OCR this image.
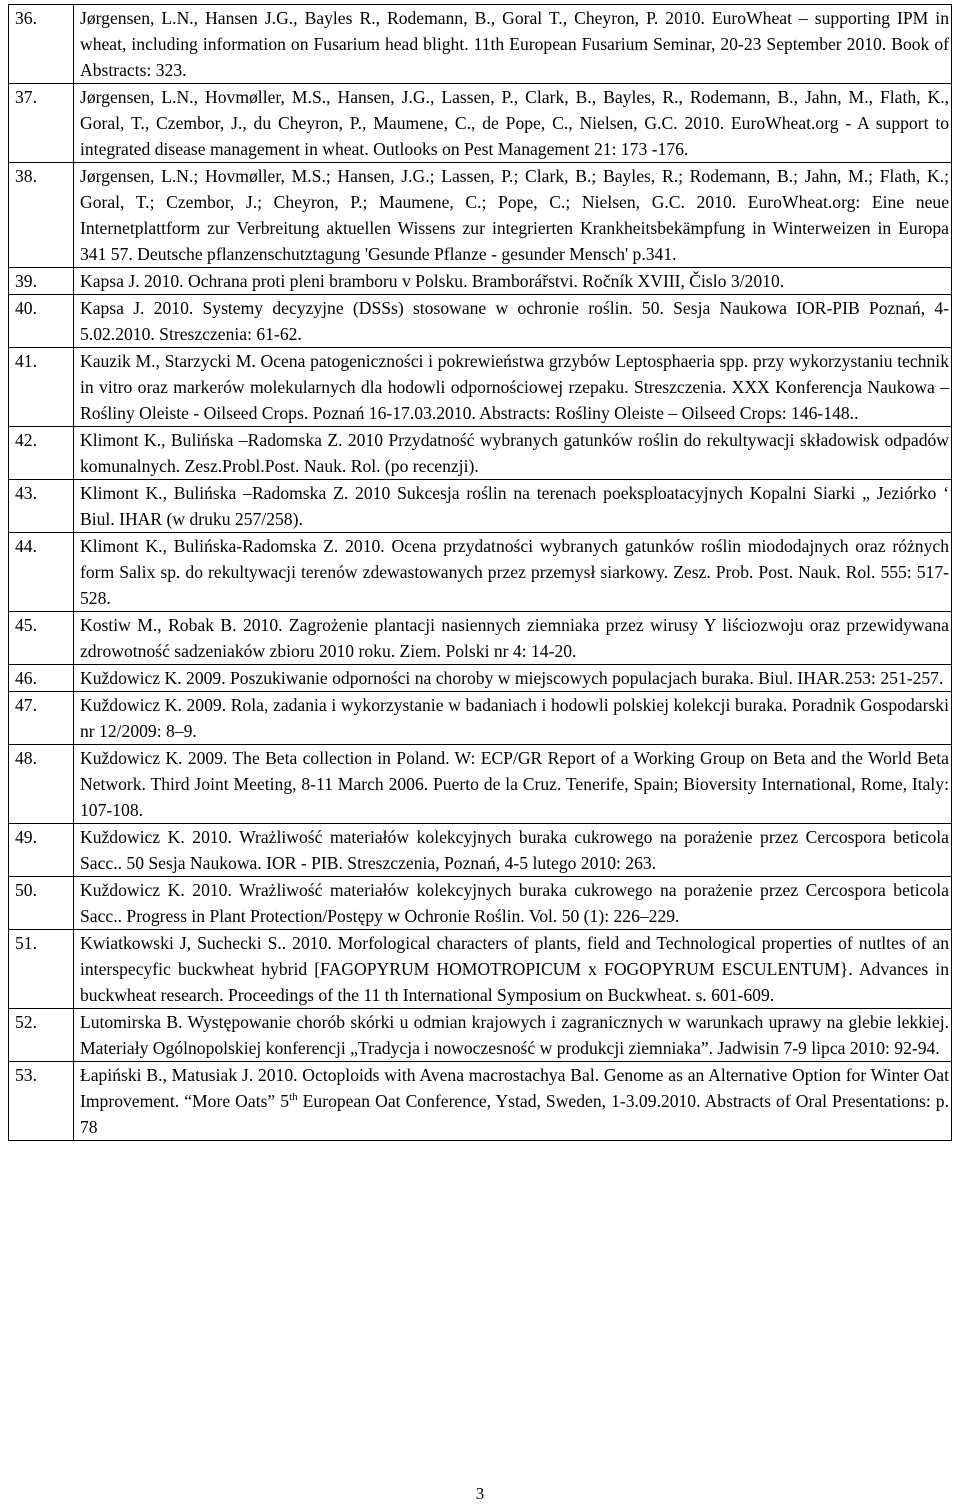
36.	Jørgensen, L.N., Hansen J.G., Bayles R., Rodemann, B., Goral T., Cheyron, P. 2010. EuroWheat – supporting IPM in wheat, including information on Fusarium head blight. 11th European Fusarium Seminar, 20-23 September 2010. Book of Abstracts: 323.
37.	Jørgensen, L.N., Hovmøller, M.S., Hansen, J.G., Lassen, P., Clark, B., Bayles, R., Rodemann, B., Jahn, M., Flath, K., Goral, T., Czembor, J., du Cheyron, P., Maumene, C., de Pope, C., Nielsen, G.C. 2010. EuroWheat.org - A support to integrated disease management in wheat. Outlooks on Pest Management 21: 173 -176.
38.	Jørgensen, L.N.; Hovmøller, M.S.; Hansen, J.G.; Lassen, P.; Clark, B.; Bayles, R.; Rodemann, B.; Jahn, M.; Flath, K.; Goral, T.; Czembor, J.; Cheyron, P.; Maumene, C.; Pope, C.; Nielsen, G.C. 2010. EuroWheat.org: Eine neue Internetplattform zur Verbreitung aktuellen Wissens zur integrierten Krankheitsbekämpfung in Winterweizen in Europa 341 57. Deutsche pflanzenschutztagung 'Gesunde Pflanze - gesunder Mensch' p.341.
39.	Kapsa J. 2010. Ochrana proti pleni bramboru v Polsku. Bramborářstvi. Ročník XVIII, Čislo 3/2010.
40.	Kapsa J. 2010. Systemy decyzyjne (DSSs) stosowane w ochronie roślin. 50. Sesja Naukowa IOR-PIB Poznań, 4-5.02.2010. Streszczenia: 61-62.
41.	Kauzik M., Starzycki M. Ocena patogeniczności i pokrewieństwa grzybów Leptosphaeria spp. przy wykorzystaniu technik in vitro oraz markerów molekularnych dla hodowli odpornościowej rzepaku. Streszczenia. XXX Konferencja Naukowa – Rośliny Oleiste - Oilseed Crops. Poznań 16-17.03.2010. Abstracts: Rośliny Oleiste – Oilseed Crops: 146-148..
42.	Klimont K., Bulińska –Radomska Z. 2010 Przydatność wybranych gatunków roślin do rekultywacji składowisk odpadów komunalnych. Zesz.Probl.Post. Nauk. Rol. (po recenzji).
43.	Klimont K., Bulińska –Radomska Z. 2010 Sukcesja roślin na terenach poeksploatacyjnych Kopalni Siarki „ Jeziórko ‘ Biul. IHAR (w druku 257/258).
44.	Klimont K., Bulińska-Radomska Z. 2010. Ocena przydatności wybranych gatunków roślin miododajnych oraz różnych form Salix sp. do rekultywacji terenów zdewastowanych przez przemysł siarkowy. Zesz. Prob. Post. Nauk. Rol. 555: 517-528.
45.	Kostiw M., Robak B. 2010. Zagrożenie plantacji nasiennych ziemniaka przez wirusy Y liściozwoju oraz przewidywana zdrowotność sadzeniaków zbioru 2010 roku. Ziem. Polski nr 4: 14-20.
46.	Kuždowicz K. 2009. Poszukiwanie odporności na choroby w miejscowych populacjach buraka. Biul. IHAR.253: 251-257.
47.	Kuždowicz K. 2009. Rola, zadania i wykorzystanie w badaniach i hodowli polskiej kolekcji buraka. Poradnik Gospodarski nr 12/2009: 8–9.
48.	Kuždowicz K. 2009. The Beta collection in Poland. W: ECP/GR Report of a Working Group on Beta and the World Beta Network. Third Joint Meeting, 8-11 March 2006. Puerto de la Cruz. Tenerife, Spain; Bioversity International, Rome, Italy: 107-108.
49.	Kuždowicz K. 2010. Wrażliwość materiałów kolekcyjnych buraka cukrowego na porażenie przez Cercospora beticola Sacc.. 50 Sesja Naukowa. IOR - PIB. Streszczenia, Poznań, 4-5 lutego 2010: 263.
50.	Kuždowicz K. 2010. Wrażliwość materiałów kolekcyjnych buraka cukrowego na porażenie przez Cercospora beticola Sacc.. Progress in Plant Protection/Postępy w Ochronie Roślin. Vol. 50 (1): 226–229.
51.	Kwiatkowski J, Suchecki S.. 2010. Morfological characters of plants, field and Technological properties of nutltes of an interspecyfic buckwheat hybrid [FAGOPYRUM HOMOTROPICUM x FOGOPYRUM ESCULENTUM}. Advances in buckwheat research. Proceedings of the 11 th International Symposium on Buckwheat. s. 601-609.
52.	Lutomirska B. Występowanie chorób skórki u odmian krajowych i zagranicznych w warunkach uprawy na glebie lekkiej. Materiały Ogólnopolskiej konferencji „Tradycja i nowoczesność w produkcji ziemniaka”. Jadwisin 7-9 lipca 2010: 92-94.
53.	Łapiński B., Matusiak J. 2010. Octoploids with Avena macrostachya Bal. Genome as an Alternative Option for Winter Oat Improvement. “More Oats” 5th European Oat Conference, Ystad, Sweden, 1-3.09.2010. Abstracts of Oral Presentations: p. 78
3
